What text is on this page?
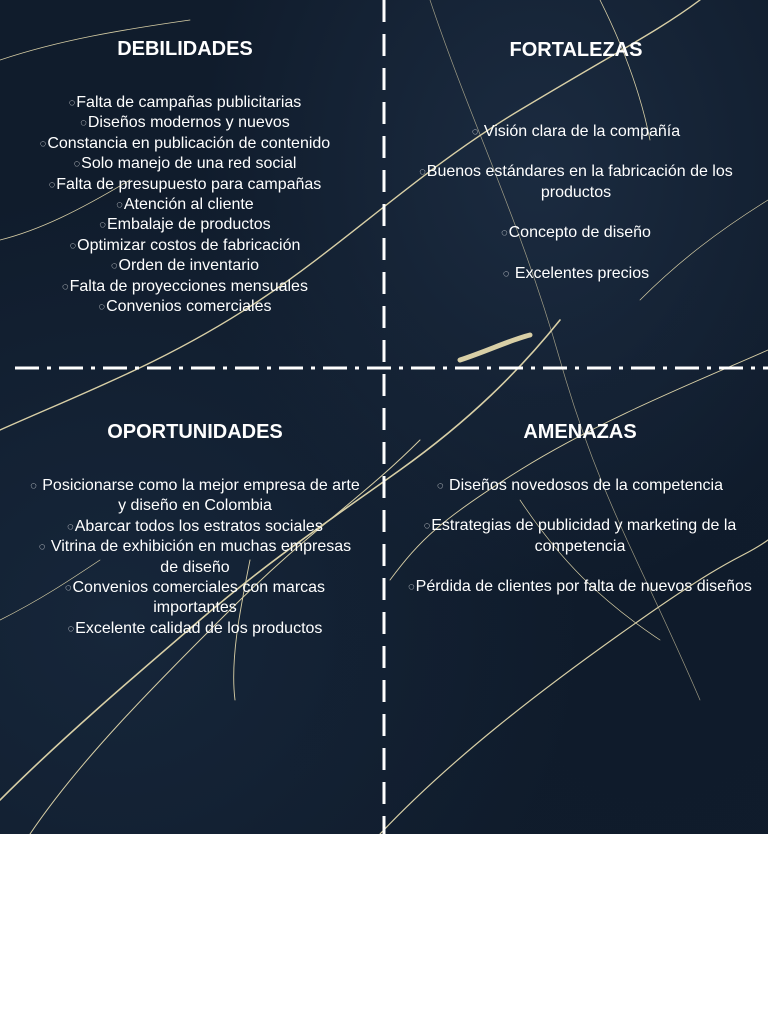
DEBILIDADES
◌Falta de campañas publicitarias
◌Diseños modernos y nuevos
◌Constancia en publicación de contenido
◌Solo manejo de una red social
◌Falta de presupuesto para campañas
◌Atención al cliente
◌Embalaje de productos
◌Optimizar costos de fabricación
◌Orden de inventario
◌Falta de proyecciones mensuales
◌Convenios comerciales
FORTALEZAS
◌ Visión clara de la compañía
◌Buenos estándares en la fabricación de los productos
◌Concepto de diseño
◌ Excelentes precios
OPORTUNIDADES
◌ Posicionarse como la mejor empresa de arte y diseño en Colombia
◌Abarcar todos los estratos sociales
◌ Vitrina de exhibición en muchas empresas de diseño
◌Convenios comerciales con marcas importantes
◌Excelente calidad de los productos
AMENAZAS
◌ Diseños novedosos de la competencia
◌Estrategias de publicidad y marketing de la competencia
◌Pérdida de clientes por falta de nuevos diseños
